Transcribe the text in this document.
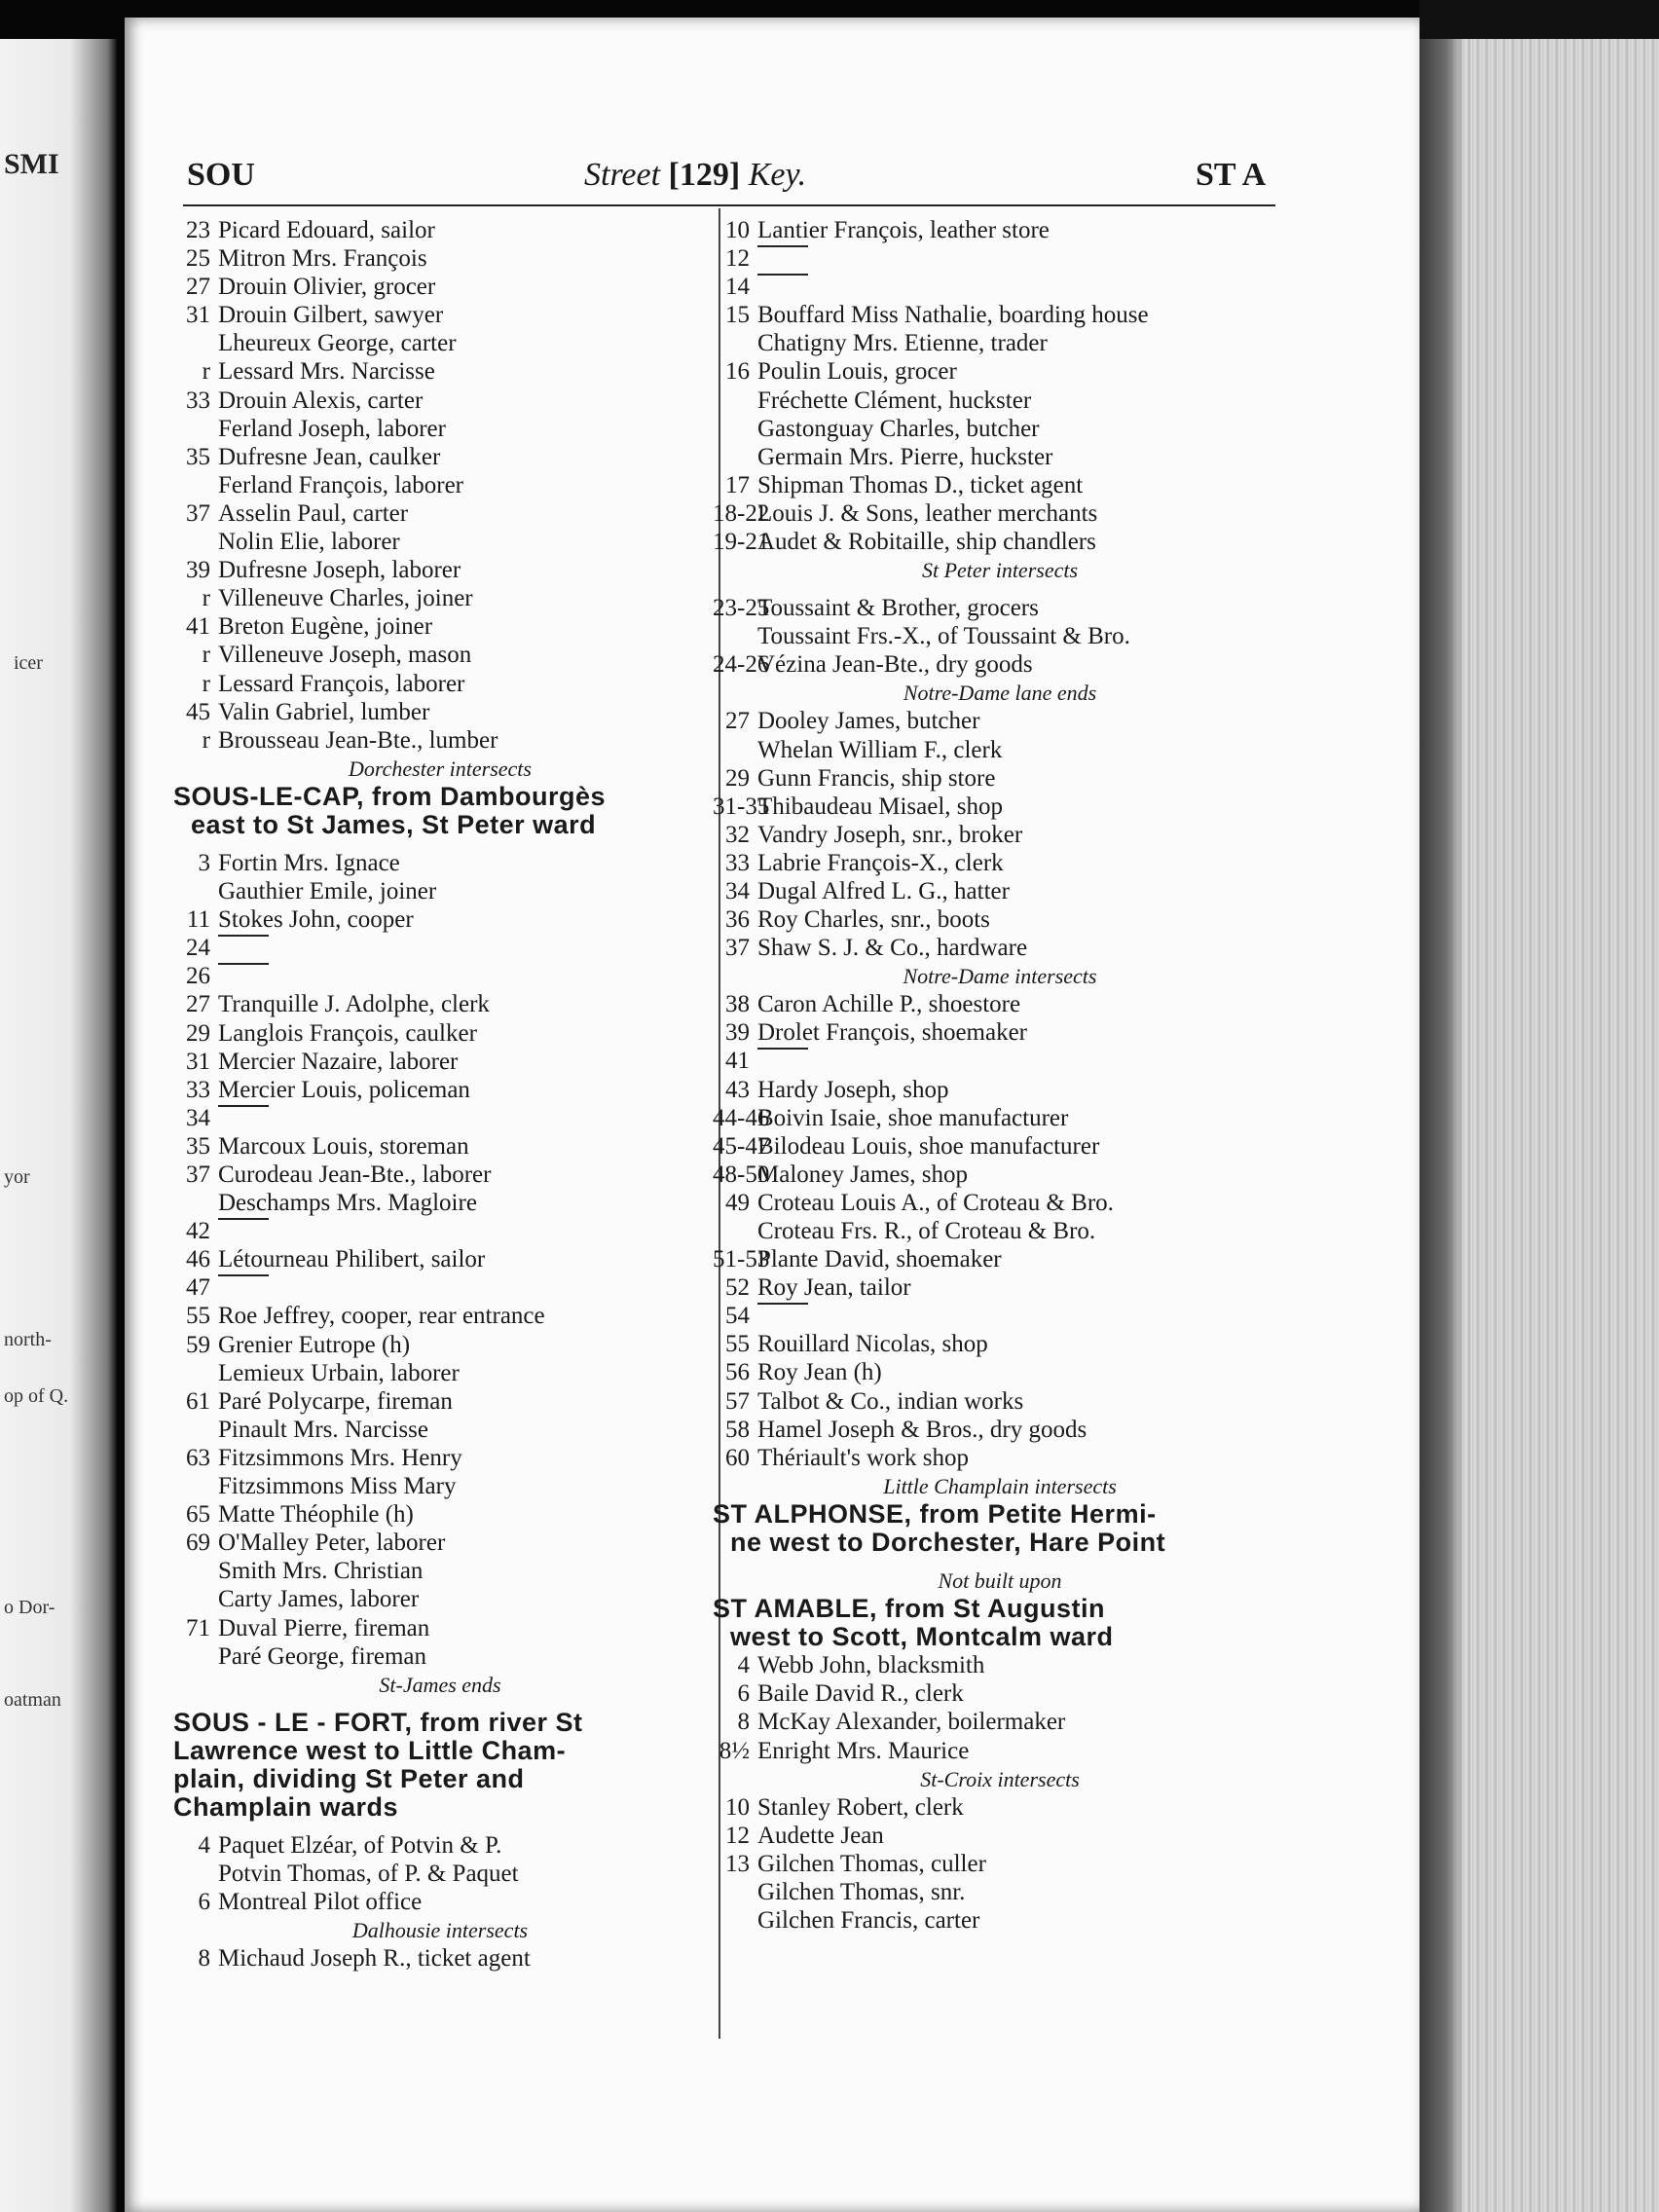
SMI
icer
yor
north-
op of Q.
o Dor-
oatman
SOU	Street [129] Key.	ST A
23 Picard Edouard, sailor
25 Mitron Mrs. François
27 Drouin Olivier, grocer
31 Drouin Gilbert, sawyer
Lheureux George, carter
r Lessard Mrs. Narcisse
33 Drouin Alexis, carter
Ferland Joseph, laborer
35 Dufresne Jean, caulker
Ferland François, laborer
37 Asselin Paul, carter
Nolin Elie, laborer
39 Dufresne Joseph, laborer
r Villeneuve Charles, joiner
41 Breton Eugène, joiner
r Villeneuve Joseph, mason
r Lessard François, laborer
45 Valin Gabriel, lumber
r Brousseau Jean-Bte., lumber
Dorchester intersects
SOUS-LE-CAP, from Dambourgès
east to St James, St Peter ward
3 Fortin Mrs. Ignace
Gauthier Emile, joiner
11 Stokes John, cooper
24
26
27 Tranquille J. Adolphe, clerk
29 Langlois François, caulker
31 Mercier Nazaire, laborer
33 Mercier Louis, policeman
34
35 Marcoux Louis, storeman
37 Curodeau Jean-Bte., laborer
Deschamps Mrs. Magloire
42
46 Létourneau Philibert, sailor
47
55 Roe Jeffrey, cooper, rear entrance
59 Grenier Eutrope (h)
Lemieux Urbain, laborer
61 Paré Polycarpe, fireman
Pinault Mrs. Narcisse
63 Fitzsimmons Mrs. Henry
Fitzsimmons Miss Mary
65 Matte Théophile (h)
69 O'Malley Peter, laborer
Smith Mrs. Christian
Carty James, laborer
71 Duval Pierre, fireman
Paré George, fireman
St-James ends
SOUS - LE - FORT, from river St
Lawrence west to Little Cham-
plain, dividing St Peter and
Champlain wards
4 Paquet Elzéar, of Potvin & P.
Potvin Thomas, of P. & Paquet
6 Montreal Pilot office
Dalhousie intersects
8 Michaud Joseph R., ticket agent
10 Lantier François, leather store
12
14
15 Bouffard Miss Nathalie, boarding house
Chatigny Mrs. Etienne, trader
16 Poulin Louis, grocer
Fréchette Clément, huckster
Gastonguay Charles, butcher
Germain Mrs. Pierre, huckster
17 Shipman Thomas D., ticket agent
18-22Louis J. & Sons, leather merchants
19-21Audet & Robitaille, ship chandlers
St Peter intersects
23-25Toussaint & Brother, grocers
Toussaint Frs.-X., of Toussaint & Bro.
24-26Vézina Jean-Bte., dry goods
Notre-Dame lane ends
27 Dooley James, butcher
Whelan William F., clerk
29 Gunn Francis, ship store
31-35Thibaudeau Misael, shop
32 Vandry Joseph, snr., broker
33 Labrie François-X., clerk
34 Dugal Alfred L. G., hatter
36 Roy Charles, snr., boots
37 Shaw S. J. & Co., hardware
Notre-Dame intersects
38 Caron Achille P., shoestore
39 Drolet François, shoemaker
41
43 Hardy Joseph, shop
44-46Boivin Isaie, shoe manufacturer
45-47Bilodeau Louis, shoe manufacturer
48-50Maloney James, shop
49 Croteau Louis A., of Croteau & Bro.
Croteau Frs. R., of Croteau & Bro.
51-53Plante David, shoemaker
52 Roy Jean, tailor
54
55 Rouillard Nicolas, shop
56 Roy Jean (h)
57 Talbot & Co., indian works
58 Hamel Joseph & Bros., dry goods
60 Thériault's work shop
Little Champlain intersects
ST ALPHONSE, from Petite Hermi-
ne west to Dorchester, Hare Point
Not built upon
ST AMABLE, from St Augustin
west to Scott, Montcalm ward
4 Webb John, blacksmith
6 Baile David R., clerk
8 McKay Alexander, boilermaker
8½ Enright Mrs. Maurice
St-Croix intersects
10 Stanley Robert, clerk
12 Audette Jean
13 Gilchen Thomas, culler
Gilchen Thomas, snr.
Gilchen Francis, carter
